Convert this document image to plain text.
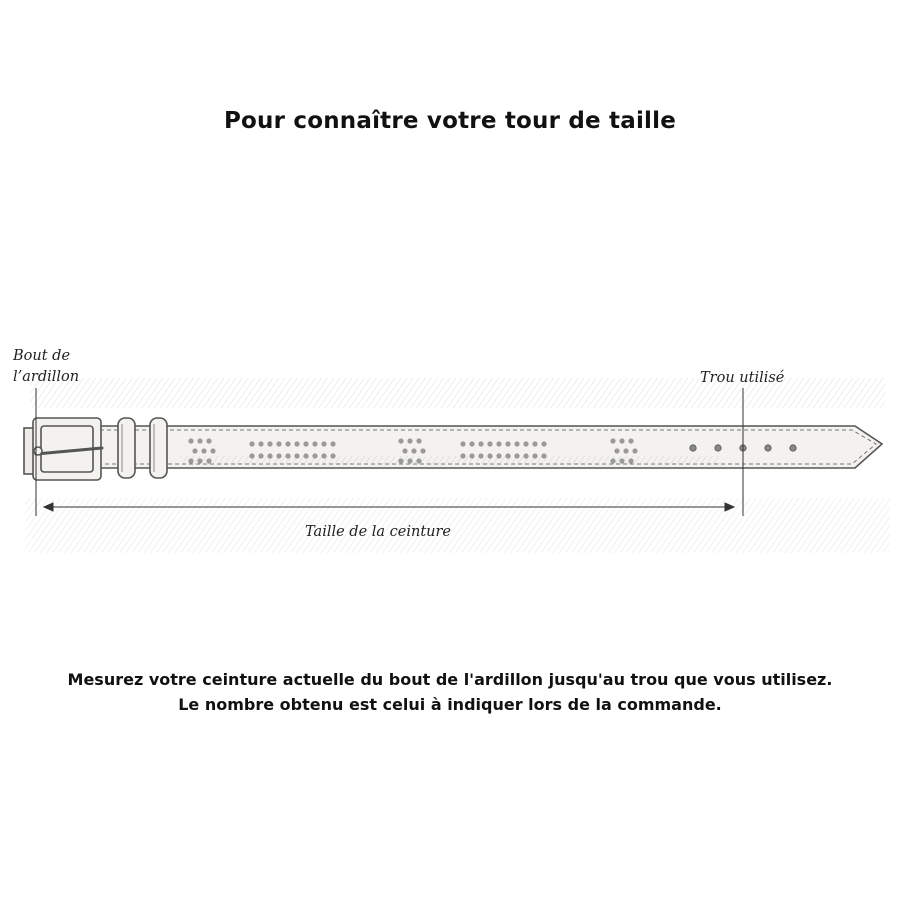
Pour connaître votre tour de taille
Bout de
l’ardillon	Trou utilisé
Taille de la ceinture
Mesurez votre ceinture actuelle du bout de l'ardillon jusqu'au trou que vous utilisez.
Le nombre obtenu est celui à indiquer lors de la commande.
